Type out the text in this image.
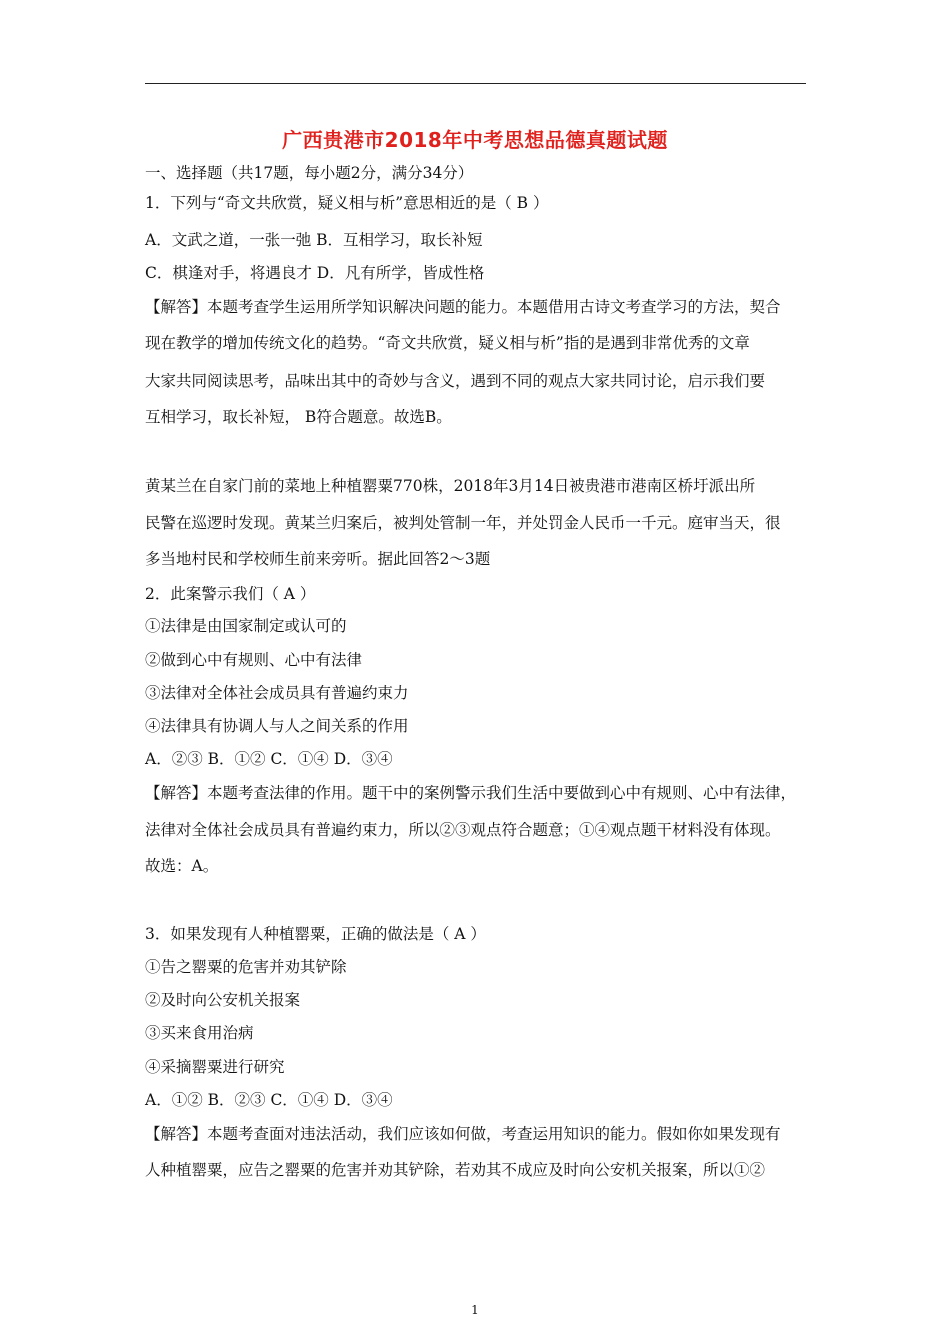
广西贵港市2018年中考思想品德真题试题
一、选择题（共17题，每小题2分，满分34分）
1．下列与“奇文共欣赏，疑义相与析”意思相近的是（ B ）
A．文武之道，一张一弛 B．互相学习，取长补短
C．棋逢对手，将遇良才 D．凡有所学，皆成性格
【解答】本题考查学生运用所学知识解决问题的能力。本题借用古诗文考查学习的方法，契合
现在教学的增加传统文化的趋势。“奇文共欣赏，疑义相与析”指的是遇到非常优秀的文章
大家共同阅读思考，品味出其中的奇妙与含义，遇到不同的观点大家共同讨论，启示我们要
互相学习，取长补短， B符合题意。故选B。
黄某兰在自家门前的菜地上种植罂粟770株，2018年3月14日被贵港市港南区桥圩派出所
民警在巡逻时发现。黄某兰归案后，被判处管制一年，并处罚金人民币一千元。庭审当天，很
多当地村民和学校师生前来旁听。据此回答2～3题
2．此案警示我们（ A ）
①法律是由国家制定或认可的
②做到心中有规则、心中有法律
③法律对全体社会成员具有普遍约束力
④法律具有协调人与人之间关系的作用
A．②③ B．①② C．①④ D．③④
【解答】本题考查法律的作用。题干中的案例警示我们生活中要做到心中有规则、心中有法律，
法律对全体社会成员具有普遍约束力，所以②③观点符合题意；①④观点题干材料没有体现。
故选：A。
3．如果发现有人种植罂粟，正确的做法是（ A ）
①告之罂粟的危害并劝其铲除
②及时向公安机关报案
③买来食用治病
④采摘罂粟进行研究
A．①② B．②③ C．①④ D．③④
【解答】本题考查面对违法活动，我们应该如何做，考查运用知识的能力。假如你如果发现有
人种植罂粟，应告之罂粟的危害并劝其铲除，若劝其不成应及时向公安机关报案，所以①②
1
